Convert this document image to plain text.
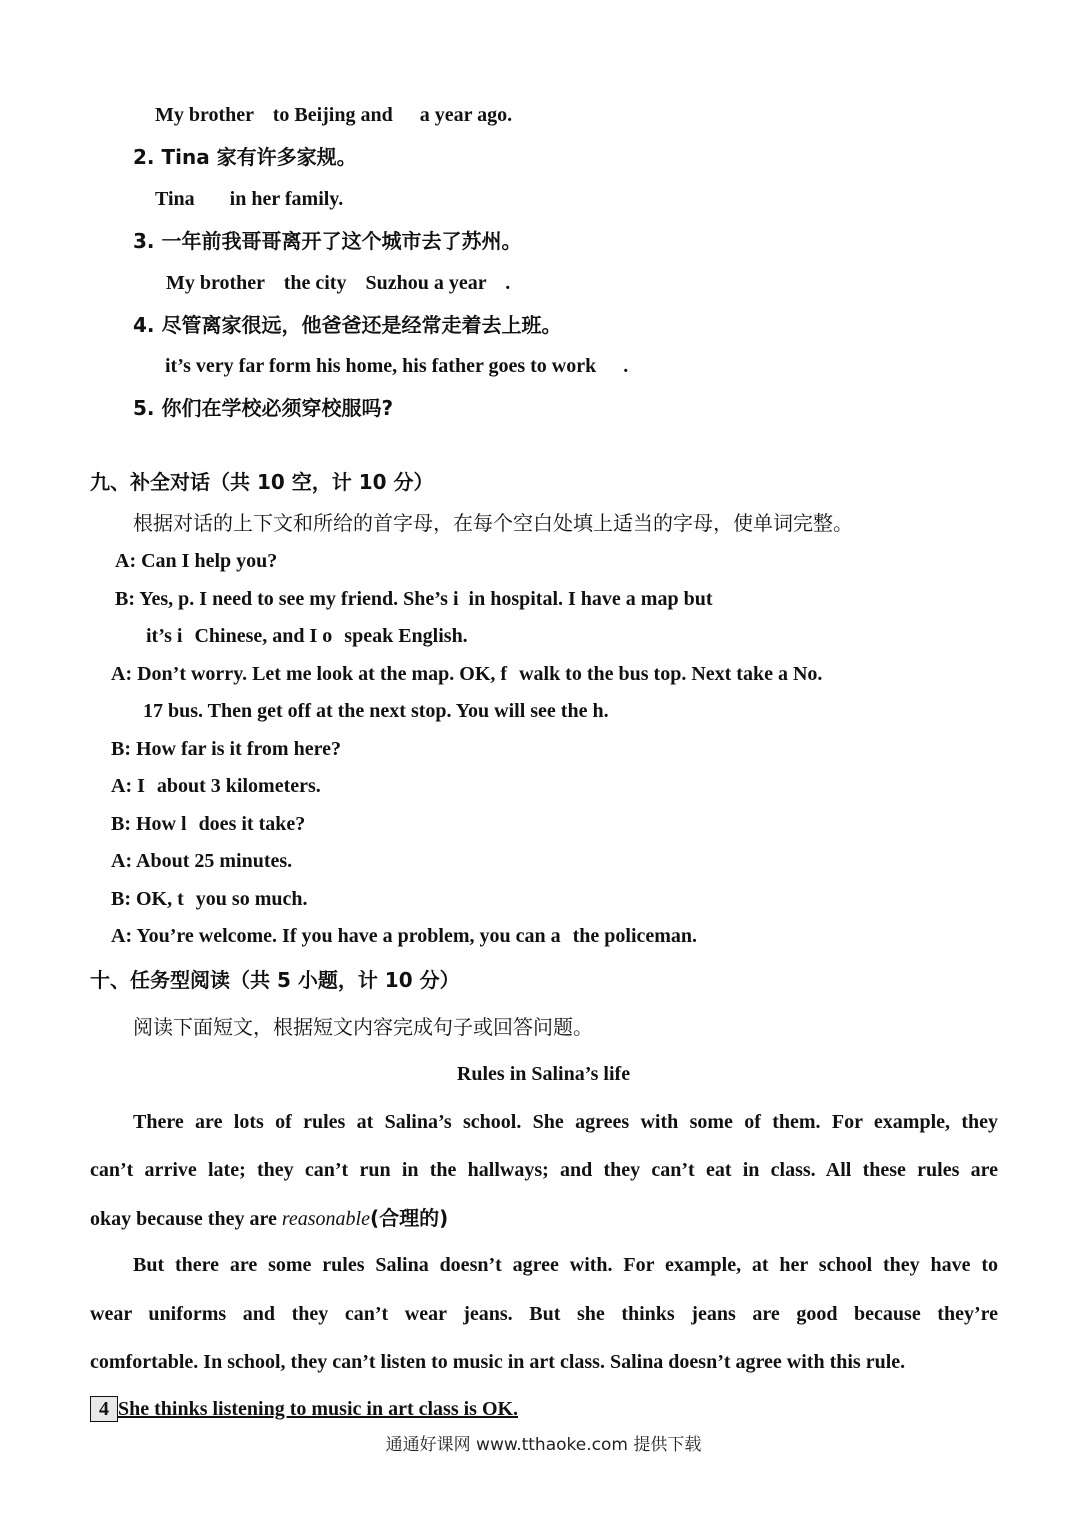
My brother to Beijing and a year ago.
2. Tina 家有许多家规。
Tina in her family.
3. 一年前我哥哥离开了这个城市去了苏州。
My brother the city Suzhou a year .
4. 尽管离家很远，他爸爸还是经常走着去上班。
it’s very far form his home, his father goes to work .
5. 你们在学校必须穿校服吗?
九、补全对话（共 10 空，计 10 分）
根据对话的上下文和所给的首字母，在每个空白处填上适当的字母，使单词完整。
A: Can I help you?
B: Yes, p. I need to see my friend. She’s i in hospital. I have a map but
it’s i Chinese, and I o speak English.
A: Don’t worry. Let me look at the map. OK, f walk to the bus top. Next take a No.
17 bus. Then get off at the next stop. You will see the h.
B: How far is it from here?
A: I about 3 kilometers.
B: How l does it take?
A: About 25 minutes.
B: OK, t you so much.
A: You’re welcome. If you have a problem, you can a the policeman.
十、任务型阅读（共 5 小题，计 10 分）
阅读下面短文，根据短文内容完成句子或回答问题。
Rules in Salina’s life
There are lots of rules at Salina’s school. She agrees with some of them. For example, they
can’t arrive late; they can’t run in the hallways; and they can’t eat in class. All these rules are
okay because they are reasonable(合理的)
But there are some rules Salina doesn’t agree with. For example, at her school they have to
wear uniforms and they can’t wear jeans. But she thinks jeans are good because they’re
comfortable. In school, they can’t listen to music in art class. Salina doesn’t agree with this rule.
4 She thinks listening to music in art class is OK.
通通好课网 www.tthaoke.com 提供下载
